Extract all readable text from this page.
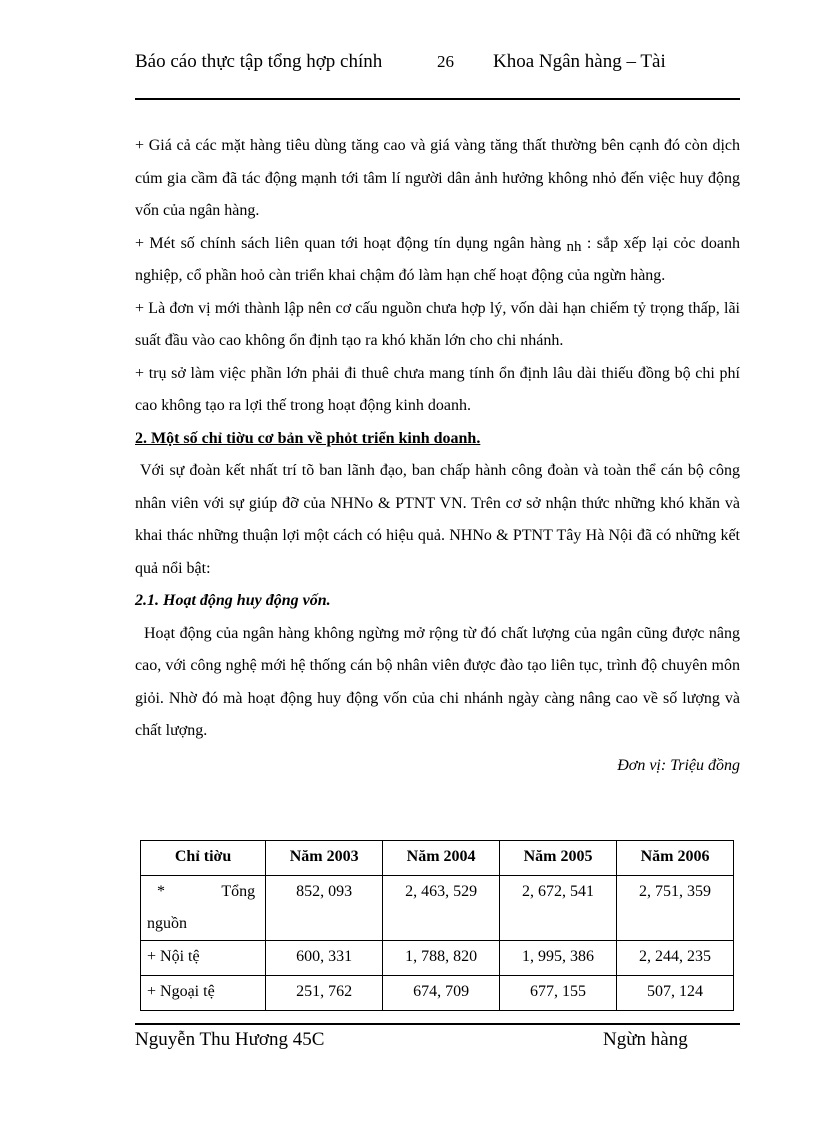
Báo cáo thực tập tổng hợp chính	26 Khoa Ngân hàng – Tài

+ Giá cả các mặt hàng tiêu dùng tăng cao và giá vàng tăng thất thường bên cạnh đó còn dịch cúm gia cầm đã tác động mạnh tới tâm lí người dân ảnh hưởng không nhỏ đến việc huy động vốn của ngân hàng.

+ Mét số chính sách liên quan tới hoạt động tín dụng ngân hàng nh : sắp xếp lại cỏc doanh nghiệp, cổ phần hoỏ càn triển khai chậm đó làm hạn chế hoạt động của ngừn hàng.

+ Là đơn vị mới thành lập nên cơ cấu nguồn chưa hợp lý, vốn dài hạn chiếm tỷ trọng thấp, lãi suất đầu vào cao không ổn định tạo ra khó khăn lớn cho chi nhánh.

+ trụ sở làm việc phần lớn phải đi thuê chưa mang tính ổn định lâu dài thiếu đồng bộ chi phí cao không tạo ra lợi thế trong hoạt động kinh doanh.

2. Một số chỉ tiờu cơ bản về phỏt triển kinh doanh.

Với sự đoàn kết nhất trí tõ ban lãnh đạo, ban chấp hành công đoàn và toàn thể cán bộ công nhân viên với sự giúp đỡ của NHNo & PTNT VN. Trên cơ sở nhận thức những khó khăn và khai thác những thuận lợi một cách có hiệu quả. NHNo & PTNT Tây Hà Nội đã có những kết quả nổi bật:

2.1. Hoạt động huy động vốn.

Hoạt động của ngân hàng không ngừng mở rộng từ đó chất lượng của ngân cũng được nâng cao, với công nghệ mới hệ thống cán bộ nhân viên được đào tạo liên tục, trình độ chuyên môn giỏi. Nhờ đó mà hoạt động huy động vốn của chi nhánh ngày càng nâng cao về số lượng và chất lượng.

Đơn vị: Triệu đồng

Chỉ tiờu	Năm 2003	Năm 2004	Năm 2005	Năm 2006

* Tổng
nguồn	852, 093	2, 463, 529	2, 672, 541	2, 751, 359
+ Nội tệ	600, 331	1, 788, 820	1, 995, 386	2, 244, 235
+ Ngoại tệ	251, 762	674, 709	677, 155	507, 124
Nguyễn Thu Hương 45C	Ngừn hàng
